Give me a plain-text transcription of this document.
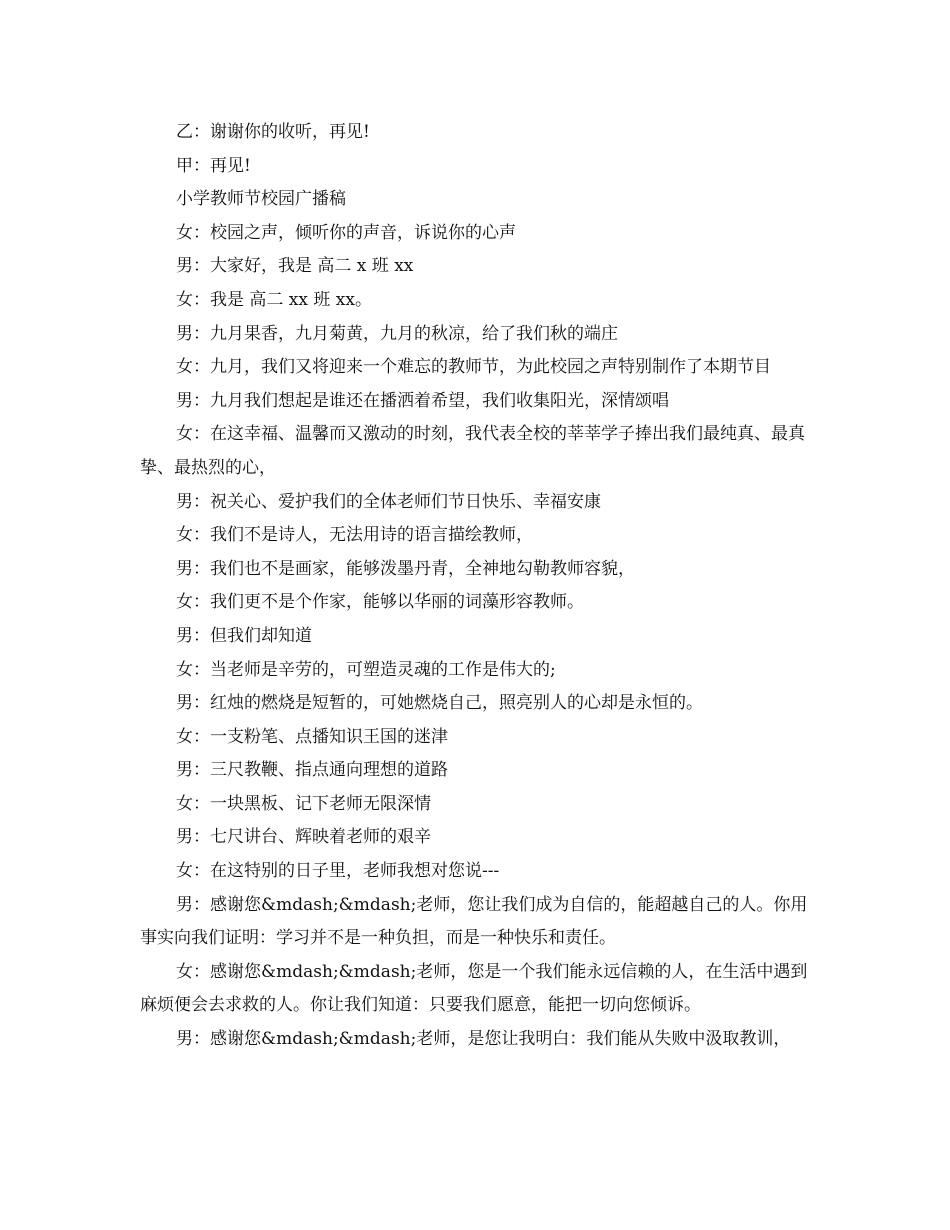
乙：谢谢你的收听，再见!

甲：再见!

小学教师节校园广播稿

女：校园之声，倾听你的声音，诉说你的心声

男：大家好，我是 高二 x 班 xx

女：我是 高二 xx 班 xx。

男：九月果香，九月菊黄，九月的秋凉，给了我们秋的端庄

女：九月，我们又将迎来一个难忘的教师节，为此校园之声特别制作了本期节目

男：九月我们想起是谁还在播洒着希望，我们收集阳光，深情颂唱

女：在这幸福、温馨而又激动的时刻，我代表全校的莘莘学子捧出我们最纯真、最真挚、最热烈的心，

男：祝关心、爱护我们的全体老师们节日快乐、幸福安康

女：我们不是诗人，无法用诗的语言描绘教师，

男：我们也不是画家，能够泼墨丹青，全神地勾勒教师容貌，

女：我们更不是个作家，能够以华丽的词藻形容教师。

男：但我们却知道

女：当老师是辛劳的，可塑造灵魂的工作是伟大的;

男：红烛的燃烧是短暂的，可她燃烧自己，照亮别人的心却是永恒的。

女：一支粉笔、点播知识王国的迷津

男：三尺教鞭、指点通向理想的道路

女：一块黑板、记下老师无限深情

男：七尺讲台、辉映着老师的艰辛

女：在这特别的日子里，老师我想对您说---

男：感谢您&mdash;&mdash;老师，您让我们成为自信的，能超越自己的人。你用事实向我们证明：学习并不是一种负担，而是一种快乐和责任。

女：感谢您&mdash;&mdash;老师，您是一个我们能永远信赖的人，在生活中遇到麻烦便会去求救的人。你让我们知道：只要我们愿意，能把一切向您倾诉。

男：感谢您&mdash;&mdash;老师，是您让我明白：我们能从失败中汲取教训，
